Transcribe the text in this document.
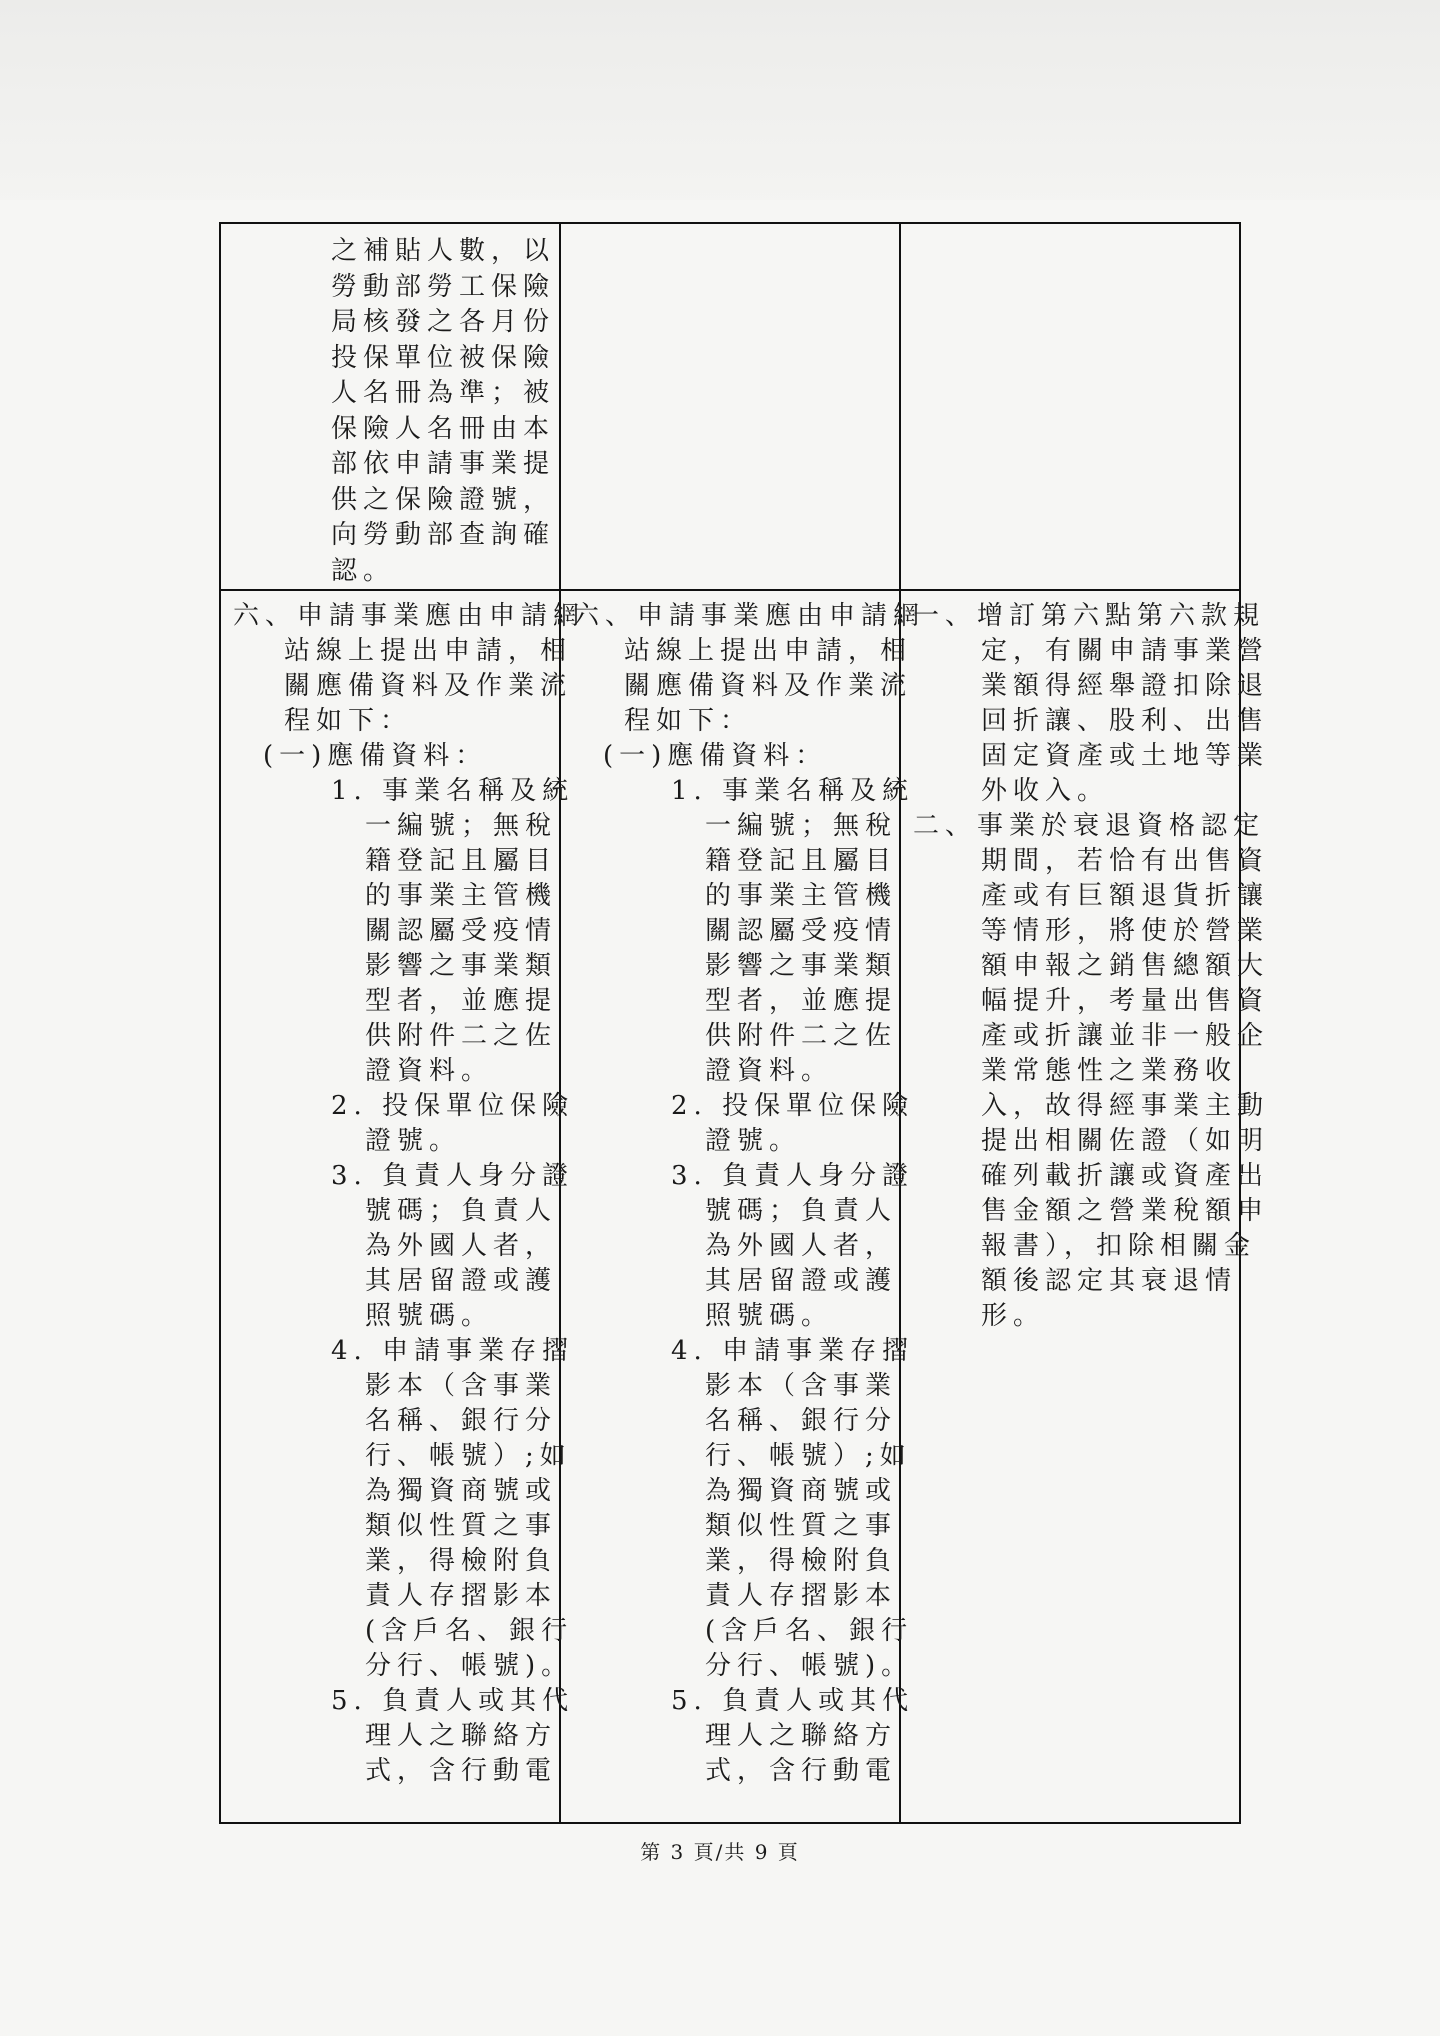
之補貼人數，以
勞動部勞工保險
局核發之各月份
投保單位被保險
人名冊為準；被
保險人名冊由本
部依申請事業提
供之保險證號，
向勞動部查詢確
認。
六、申請事業應由申請網
站線上提出申請，相
關應備資料及作業流
程如下：
(一)應備資料：
1. 事業名稱及統
一編號；無稅
籍登記且屬目
的事業主管機
關認屬受疫情
影響之事業類
型者，並應提
供附件二之佐
證資料。
2. 投保單位保險
證號。
3. 負責人身分證
號碼；負責人
為外國人者，
其居留證或護
照號碼。
4. 申請事業存摺
影本（含事業
名稱、銀行分
行、帳號）;如
為獨資商號或
類似性質之事
業，得檢附負
責人存摺影本
(含戶名、銀行
分行、帳號)。
5. 負責人或其代
理人之聯絡方
式，含行動電
六、申請事業應由申請網
站線上提出申請，相
關應備資料及作業流
程如下：
(一)應備資料：
1. 事業名稱及統
一編號；無稅
籍登記且屬目
的事業主管機
關認屬受疫情
影響之事業類
型者，並應提
供附件二之佐
證資料。
2. 投保單位保險
證號。
3. 負責人身分證
號碼；負責人
為外國人者，
其居留證或護
照號碼。
4. 申請事業存摺
影本（含事業
名稱、銀行分
行、帳號）;如
為獨資商號或
類似性質之事
業，得檢附負
責人存摺影本
(含戶名、銀行
分行、帳號)。
5. 負責人或其代
理人之聯絡方
式，含行動電
一、增訂第六點第六款規
定，有關申請事業營
業額得經舉證扣除退
回折讓、股利、出售
固定資產或土地等業
外收入。
二、事業於衰退資格認定
期間，若恰有出售資
產或有巨額退貨折讓
等情形，將使於營業
額申報之銷售總額大
幅提升，考量出售資
產或折讓並非一般企
業常態性之業務收
入，故得經事業主動
提出相關佐證（如明
確列載折讓或資產出
售金額之營業稅額申
報書），扣除相關金
額後認定其衰退情
形。
第 3 頁/共 9 頁
